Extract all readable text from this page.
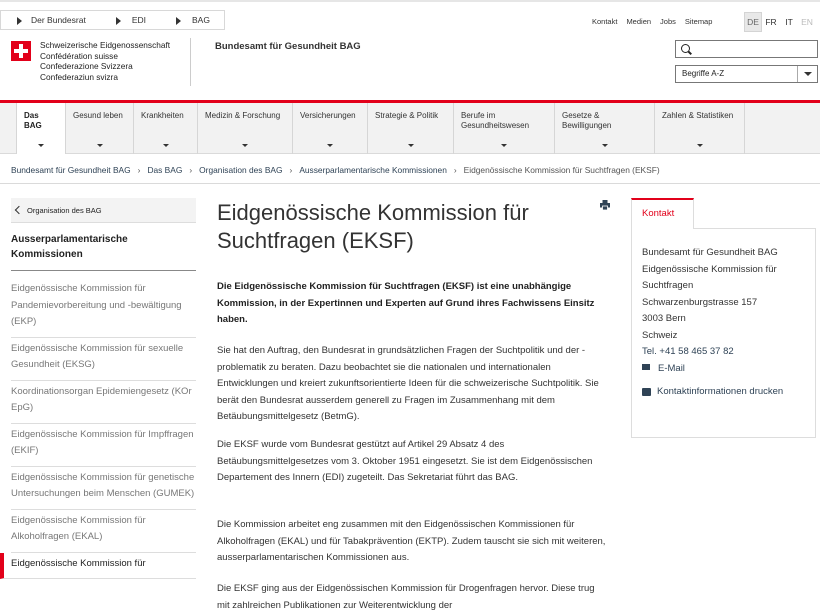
Der Bundesrat	EDI	BAG	Kontakt Medien Jobs Sitemap	DE FR	IT EN
Schweizerische Eidgenossenschaft
Confédération suisse
Confederazione Svizzera
Confederaziun svizra
Bundesamt für Gesundheit BAG
Begriffe A-Z
Das BAG
Gesund leben	Krankheiten	Medizin & Forschung	Versicherungen	Strategie & Politik	Berufe im Gesundheitswesen
Gesetze & Bewilligungen
Zahlen & Statistiken
Bundesamt für Gesundheit BAG › Das BAG › Organisation des BAG › Ausserparlamentarische Kommissionen › Eidgenössische Kommission für Suchtfragen (EKSF)
Organisation des BAG
Ausserparlamentarische Kommissionen
Eidgenössische Kommission für Pandemievorbereitung und -bewältigung (EKP)
Eidgenössische Kommission für sexuelle Gesundheit (EKSG)
Koordinationsorgan Epidemiengesetz (KOr EpG)
Eidgenössische Kommission für Impffragen (EKIF)
Eidgenössische Kommission für genetische Untersuchungen beim Menschen (GUMEK)
Eidgenössische Kommission für Alkoholfragen (EKAL)
Eidgenössische Kommission für
Eidgenössische Kommission für Suchtfragen (EKSF)

Die Eidgenössische Kommission für Suchtfragen (EKSF) ist eine unabhängige Kommission, in der Expertinnen und Experten auf Grund ihres Fachwissens Einsitz haben.

Sie hat den Auftrag, den Bundesrat in grundsätzlichen Fragen der Suchtpolitik und der -problematik zu beraten. Dazu beobachtet sie die nationalen und internationalen Entwicklungen und kreiert zukunftsorientierte Ideen für die schweizerische Suchtpolitik. Sie berät den Bundesrat ausserdem generell zu Fragen im Zusammenhang mit dem Betäubungsmittelgesetz (BetmG).

Die EKSF wurde vom Bundesrat gestützt auf Artikel 29 Absatz 4 des Betäubungsmittelgesetzes vom 3. Oktober 1951 eingesetzt. Sie ist dem Eidgenössischen Departement des Innern (EDI) zugeteilt. Das Sekretariat führt das BAG.

Die Kommission arbeitet eng zusammen mit den Eidgenössischen Kommissionen für Alkoholfragen (EKAL) und für Tabakprävention (EKTP). Zudem tauscht sie sich mit weiteren, ausserparlamentarischen Kommissionen aus.

Die EKSF ging aus der Eidgenössischen Kommission für Drogenfragen hervor. Diese trug mit zahlreichen Publikationen zur Weiterentwicklung der

Kontakt
Bundesamt für Gesundheit BAG
Eidgenössische Kommission für Suchtfragen
Schwarzenburgstrasse 157
3003 Bern
Schweiz
Tel. +41 58 465 37 82
E-Mail
Kontaktinformationen drucken
